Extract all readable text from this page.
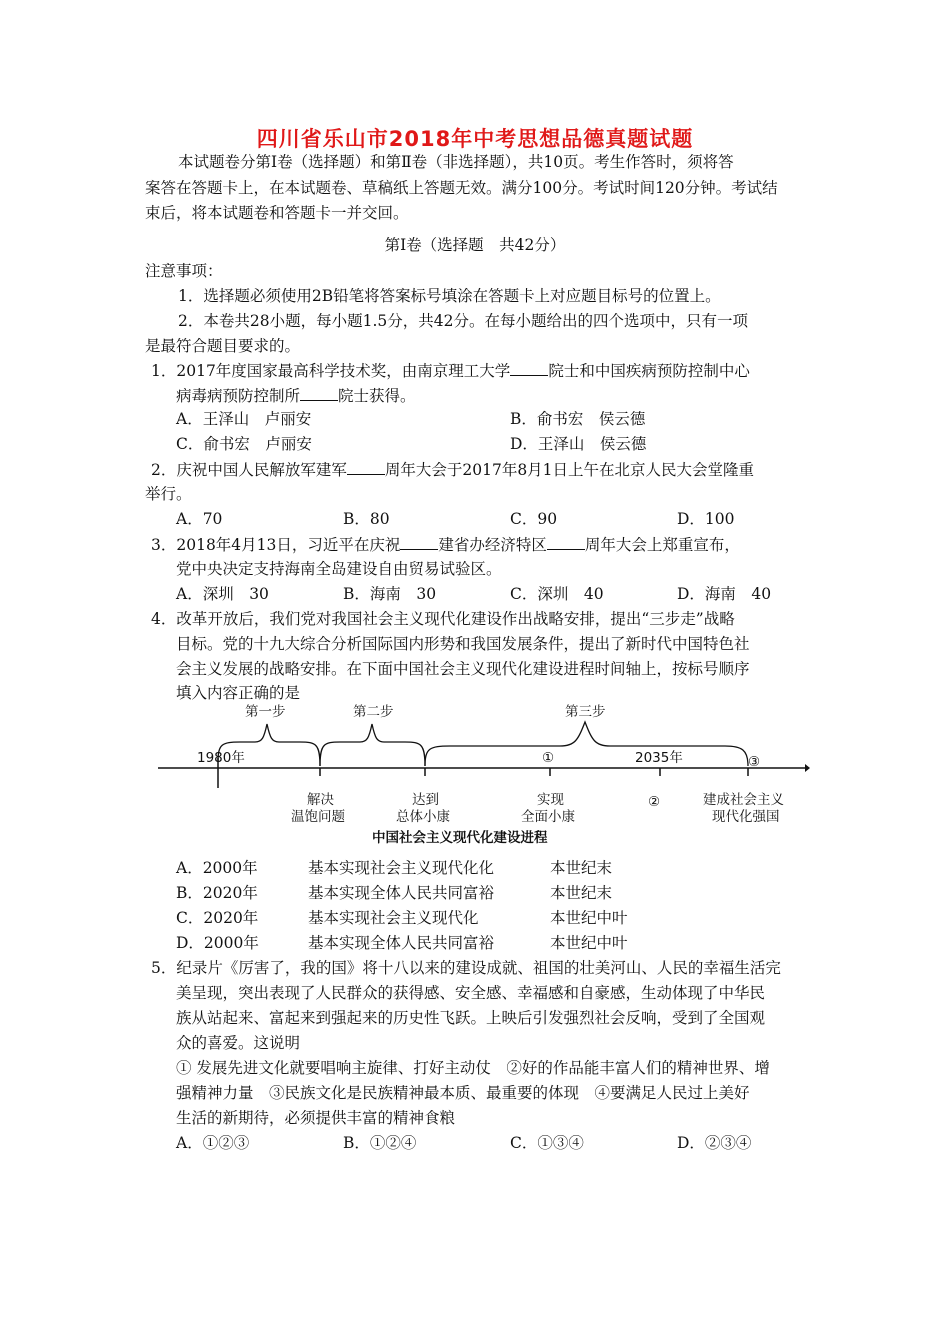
四川省乐山市2018年中考思想品德真题试题
本试题卷分第Ⅰ卷（选择题）和第Ⅱ卷（非选择题），共10页。考生作答时，须将答
案答在答题卡上，在本试题卷、草稿纸上答题无效。满分100分。考试时间120分钟。考试结
束后，将本试题卷和答题卡一并交回。
第Ⅰ卷（选择题　共42分）
注意事项：
1．选择题必须使用2B铅笔将答案标号填涂在答题卡上对应题目标号的位置上。
2．本卷共28小题，每小题1.5分，共42分。在每小题给出的四个选项中，只有一项
是最符合题目要求的。
1．2017年度国家最高科学技术奖，由南京理工大学 院士和中国疾病预防控制中心
病毒病预防控制所 院士获得。
A．王泽山　卢丽安	B．俞书宏　侯云德
C．俞书宏　卢丽安	D．王泽山　侯云德
2．庆祝中国人民解放军建军 周年大会于2017年8月1日上午在北京人民大会堂隆重
举行。
A．70	B．80	C．90	D．100
3．2018年4月13日，习近平在庆祝 建省办经济特区 周年大会上郑重宣布，
党中央决定支持海南全岛建设自由贸易试验区。
A．深圳　30	B．海南　30	C．深圳　40	D．海南　40
4．改革开放后，我们党对我国社会主义现代化建设作出战略安排，提出“三步走”战略
目标。党的十九大综合分析国际国内形势和我国发展条件，提出了新时代中国特色社
会主义发展的战略安排。在下面中国社会主义现代化建设进程时间轴上，按标号顺序
填入内容正确的是
第一步	第二步	第三步
1980年	2035年
①
②
③
解决
温饱问题
达到
总体小康
实现
全面小康
建成社会主义
现代化强国
中国社会主义现代化建设进程
A．2000年	基本实现社会主义现代化化	本世纪末
B．2020年	基本实现全体人民共同富裕	本世纪末
C．2020年	基本实现社会主义现代化	本世纪中叶
D．2000年	基本实现全体人民共同富裕	本世纪中叶
5．纪录片《厉害了，我的国》将十八以来的建设成就、祖国的壮美河山、人民的幸福生活完
美呈现，突出表现了人民群众的获得感、安全感、幸福感和自豪感，生动体现了中华民
族从站起来、富起来到强起来的历史性飞跃。上映后引发强烈社会反响，受到了全国观
众的喜爱。这说明
① 发展先进文化就要唱响主旋律、打好主动仗　②好的作品能丰富人们的精神世界、增
强精神力量　③民族文化是民族精神最本质、最重要的体现　④要满足人民过上美好
生活的新期待，必须提供丰富的精神食粮
A．①②③	B．①②④	C．①③④	D．②③④
